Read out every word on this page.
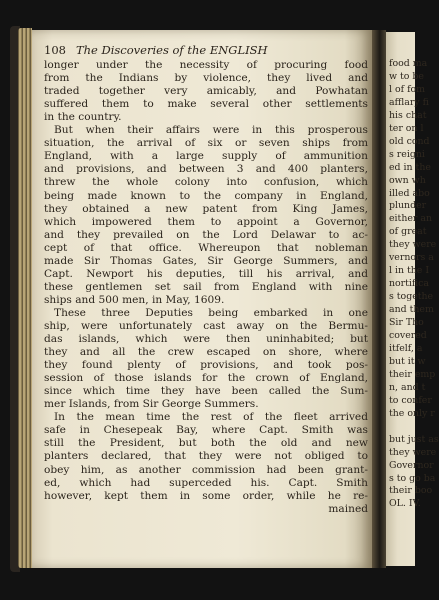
108 The Discoveries of the ENGLISH
longer under the necessity of procuring food
from the Indians by violence, they lived and
traded together very amicably, and Powhatan
suffered them to make several other settlements
in the country.
But when their affairs were in this prosperous
situation, the arrival of six or seven ships from
England, with a large supply of ammunition
and provisions, and between 3 and 400 planters,
threw the whole colony into confusion, which
being made known to the company in England,
they obtained a new patent from King James,
which impowered them to appoint a Governor,
and they prevailed on the Lord Delawar to ac-
cept of that office. Whereupon that nobleman
made Sir Thomas Gates, Sir George Summers, and
Capt. Newport his deputies, till his arrival, and
these gentlemen set sail from England with nine
ships and 500 men, in May, 1609.
These three Deputies being embarked in one
ship, were unfortunately cast away on the Bermu-
das islands, which were then uninhabited; but
they and all the crew escaped on shore, where
they found plenty of provisions, and took pos-
session of those islands for the crown of England,
since which time they have been called the Sum-
mer Islands, from Sir George Summers.
In the mean time the rest of the fleet arrived
safe in Chesepeak Bay, where Capt. Smith was
still the President, but both the old and new
planters declared, that they were not obliged to
obey him, as another commission had been grant-
ed, which had superceded his. Capt. Smith
however, kept them in some order, while he re-
mained
food ma
w to be
l of fom
afflary fi
his chat
ter on l
old cond
s reigni
ed in the
own wh
illed abo
plunder
either an
of great
they were
vernors a
l in the I
nortifica
s togethe
and them
Sir Tho
covered
itfelf, a
but it w
their emp
n, and t
to confer
the only r

but just as
they were
Governor
s to go ba
their boo
OL. IV.
